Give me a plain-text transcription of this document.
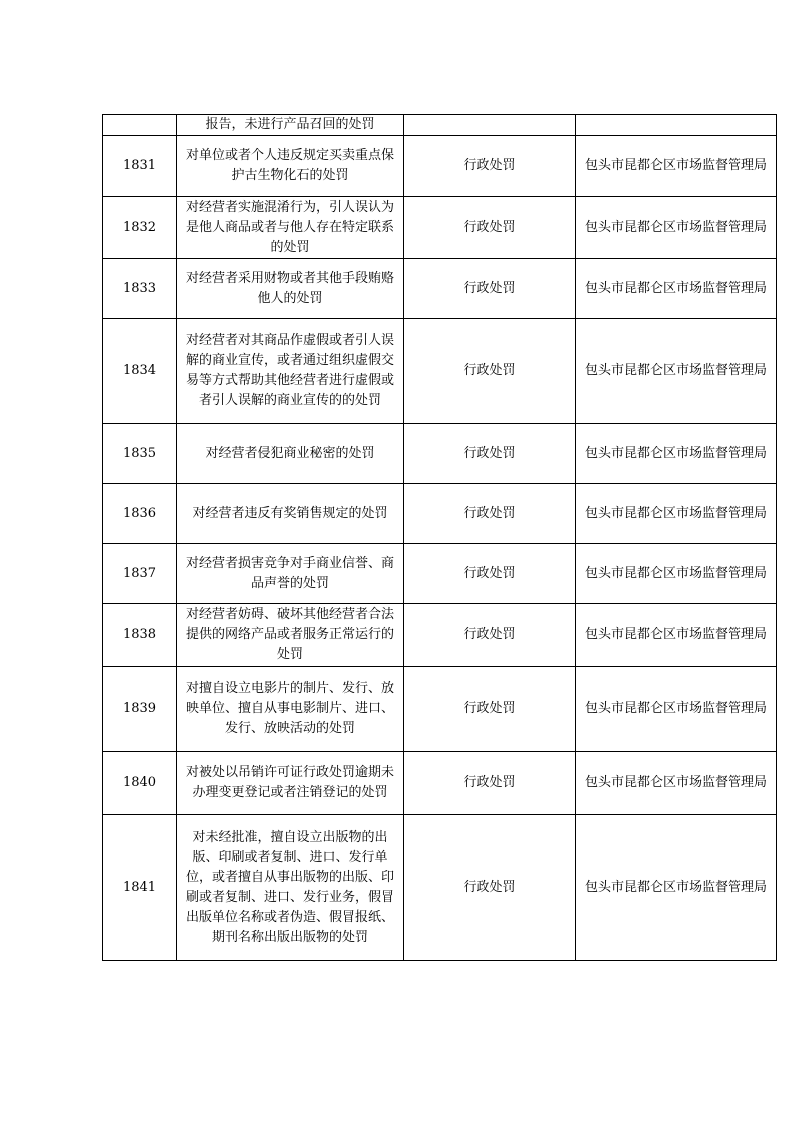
	报告，未进行产品召回的处罚		
1831	对单位或者个人违反规定买卖重点保护古生物化石的处罚	行政处罚	包头市昆都仑区市场监督管理局
1832	对经营者实施混淆行为，引人误认为是他人商品或者与他人存在特定联系的处罚	行政处罚	包头市昆都仑区市场监督管理局
1833	对经营者采用财物或者其他手段贿赂他人的处罚	行政处罚	包头市昆都仑区市场监督管理局
1834	对经营者对其商品作虚假或者引人误解的商业宣传，或者通过组织虚假交易等方式帮助其他经营者进行虚假或者引人误解的商业宣传的的处罚	行政处罚	包头市昆都仑区市场监督管理局
1835	对经营者侵犯商业秘密的处罚	行政处罚	包头市昆都仑区市场监督管理局
1836	对经营者违反有奖销售规定的处罚	行政处罚	包头市昆都仑区市场监督管理局
1837	对经营者损害竞争对手商业信誉、商品声誉的处罚	行政处罚	包头市昆都仑区市场监督管理局
1838	对经营者妨碍、破坏其他经营者合法提供的网络产品或者服务正常运行的处罚	行政处罚	包头市昆都仑区市场监督管理局
1839	对擅自设立电影片的制片、发行、放映单位、擅自从事电影制片、进口、发行、放映活动的处罚	行政处罚	包头市昆都仑区市场监督管理局
1840	对被处以吊销许可证行政处罚逾期未办理变更登记或者注销登记的处罚	行政处罚	包头市昆都仑区市场监督管理局
1841	对未经批准，擅自设立出版物的出版、印刷或者复制、进口、发行单位，或者擅自从事出版物的出版、印刷或者复制、进口、发行业务，假冒出版单位名称或者伪造、假冒报纸、期刊名称出版出版物的处罚	行政处罚	包头市昆都仑区市场监督管理局
